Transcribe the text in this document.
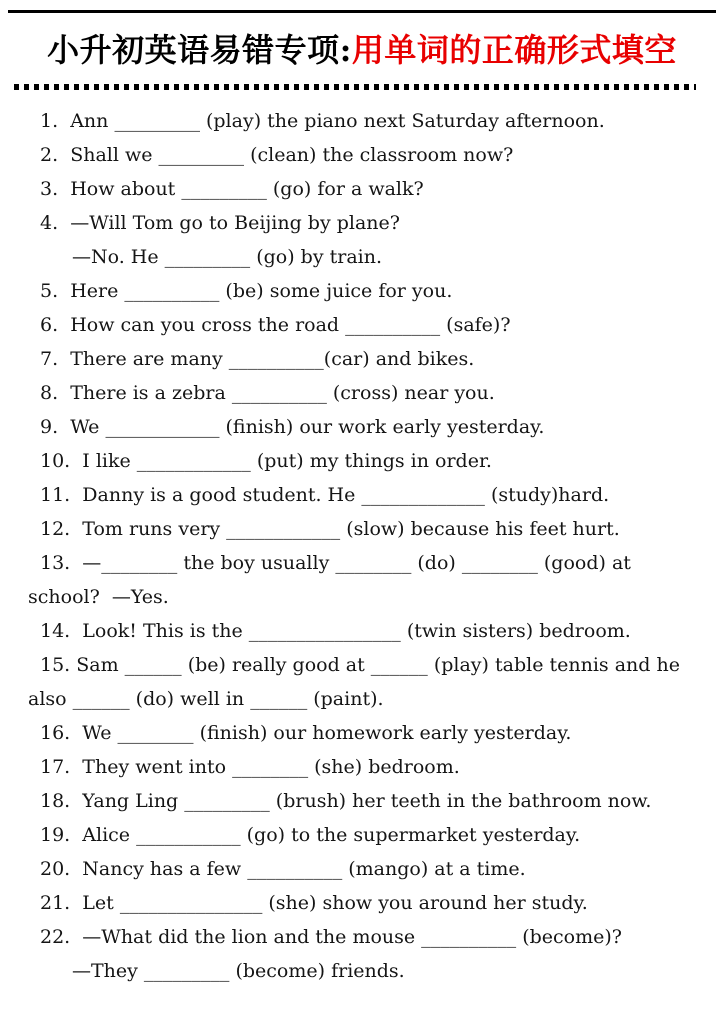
小升初英语易错专项:用单词的正确形式填空
1.  Ann _________ (play) the piano next Saturday afternoon.
2.  Shall we _________ (clean) the classroom now?
3.  How about _________ (go) for a walk?
4.  —Will Tom go to Beijing by plane?
—No. He _________ (go) by train.
5.  Here __________ (be) some juice for you.
6.  How can you cross the road __________ (safe)?
7.  There are many __________(car) and bikes.
8.  There is a zebra __________ (cross) near you.
9.  We ____________ (finish) our work early yesterday.
10.  I like ____________ (put) my things in order.
11.  Danny is a good student. He _____________ (study)hard.
12.  Tom runs very ____________ (slow) because his feet hurt.
13.  —________ the boy usually ________ (do) ________ (good) at
school?  —Yes.
14.  Look! This is the ________________ (twin sisters) bedroom.
15. Sam ______ (be) really good at ______ (play) table tennis and he
also ______ (do) well in ______ (paint).
16.  We ________ (finish) our homework early yesterday.
17.  They went into ________ (she) bedroom.
18.  Yang Ling _________ (brush) her teeth in the bathroom now.
19.  Alice ___________ (go) to the supermarket yesterday.
20.  Nancy has a few __________ (mango) at a time.
21.  Let _______________ (she) show you around her study.
22.  —What did the lion and the mouse __________ (become)?
—They _________ (become) friends.
